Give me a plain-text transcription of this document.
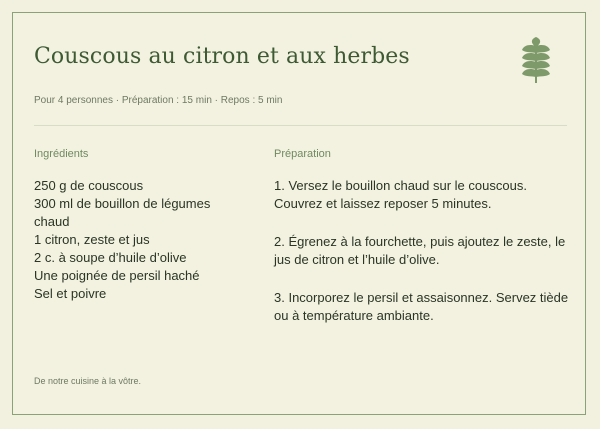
Couscous au citron et aux herbes
Pour 4 personnes · Préparation : 15 min · Repos : 5 min
Ingrédients	Préparation
250 g de couscous
300 ml de bouillon de légumes chaud
1 citron, zeste et jus
2 c. à soupe d’huile d’olive
Une poignée de persil haché
Sel et poivre
1. Versez le bouillon chaud sur le couscous. Couvrez et laissez reposer 5 minutes.
2. Égrenez à la fourchette, puis ajoutez le zeste, le jus de citron et l’huile d’olive.
3. Incorporez le persil et assaisonnez. Servez tiède ou à température ambiante.
De notre cuisine à la vôtre.
